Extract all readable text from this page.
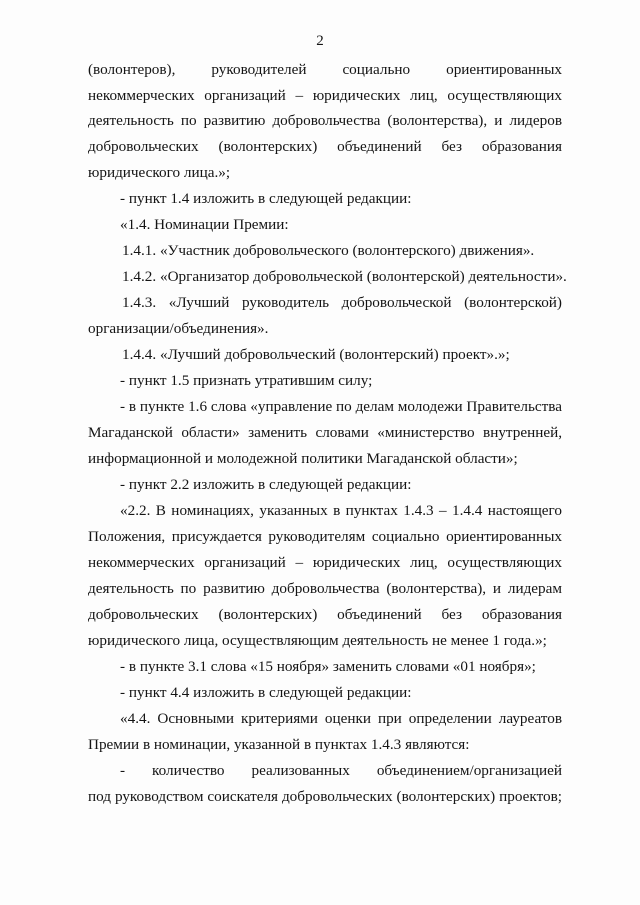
2
(волонтеров), руководителей социально ориентированных
некоммерческих организаций – юридических лиц, осуществляющих
деятельность по развитию добровольчества (волонтерства), и лидеров
добровольческих (волонтерских) объединений без образования
юридического лица.»;
- пункт 1.4 изложить в следующей редакции:
«1.4. Номинации Премии:
1.4.1. «Участник добровольческого (волонтерского) движения».
1.4.2. «Организатор добровольческой (волонтерской) деятельности».
1.4.3. «Лучший руководитель добровольческой (волонтерской)
организации/объединения».
1.4.4. «Лучший добровольческий (волонтерский) проект».»;
- пункт 1.5 признать утратившим силу;
- в пункте 1.6 слова «управление по делам молодежи Правительства
Магаданской области» заменить словами «министерство внутренней,
информационной и молодежной политики Магаданской области»;
- пункт 2.2 изложить в следующей редакции:
«2.2. В номинациях, указанных в пунктах 1.4.3 – 1.4.4 настоящего
Положения, присуждается руководителям социально ориентированных
некоммерческих организаций – юридических лиц, осуществляющих
деятельность по развитию добровольчества (волонтерства), и лидерам
добровольческих (волонтерских) объединений без образования
юридического лица, осуществляющим деятельность не менее 1 года.»;
- в пункте 3.1 слова «15 ноября» заменить словами «01 ноября»;
- пункт 4.4 изложить в следующей редакции:
«4.4. Основными критериями оценки при определении лауреатов
Премии в номинации, указанной в пунктах 1.4.3 являются:
- количество реализованных объединением/организацией
под руководством соискателя добровольческих (волонтерских) проектов;
